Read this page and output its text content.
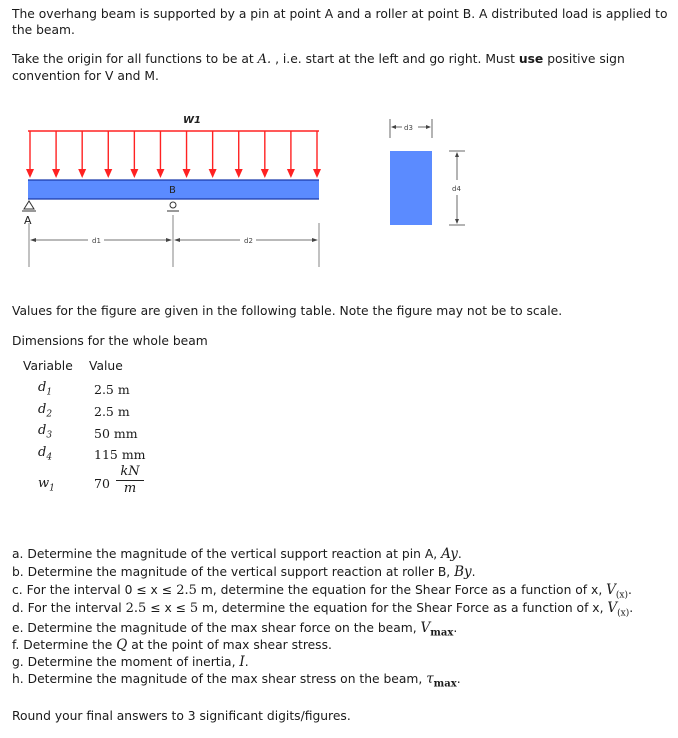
The overhang beam is supported by a pin at point A and a roller at point B. A distributed load is applied to
the beam.
Take the origin for all functions to be at A. , i.e. start at the left and go right. Must use positive sign
convention for V and M.
W1
B
A
d1	d2
d3
d4
Values for the figure are given in the following table. Note the figure may not be to scale.
Dimensions for the whole beam
Variable Value
$d_1$	2.5 m
$d_2$	2.5 m
$d_3$	50 mm
$d_4$	115 mm
$w_1$	$70 \frac{kN}{m}$
a. Determine the magnitude of the vertical support reaction at pin A, Ay.
b. Determine the magnitude of the vertical support reaction at roller B, By.
c. For the interval 0 ≤ x ≤ 2.5 m, determine the equation for the Shear Force as a function of x, $V_{(x)}$.
d. For the interval 2.5 ≤ x ≤ 5 m, determine the equation for the Shear Force as a function of x, $V_{(x)}$.
e. Determine the magnitude of the max shear force on the beam, $V_{max}$.
f. Determine the Q at the point of max shear stress.
g. Determine the moment of inertia, I.
h. Determine the magnitude of the max shear stress on the beam, $\tau_{max}$.
Round your final answers to 3 significant digits/figures.
